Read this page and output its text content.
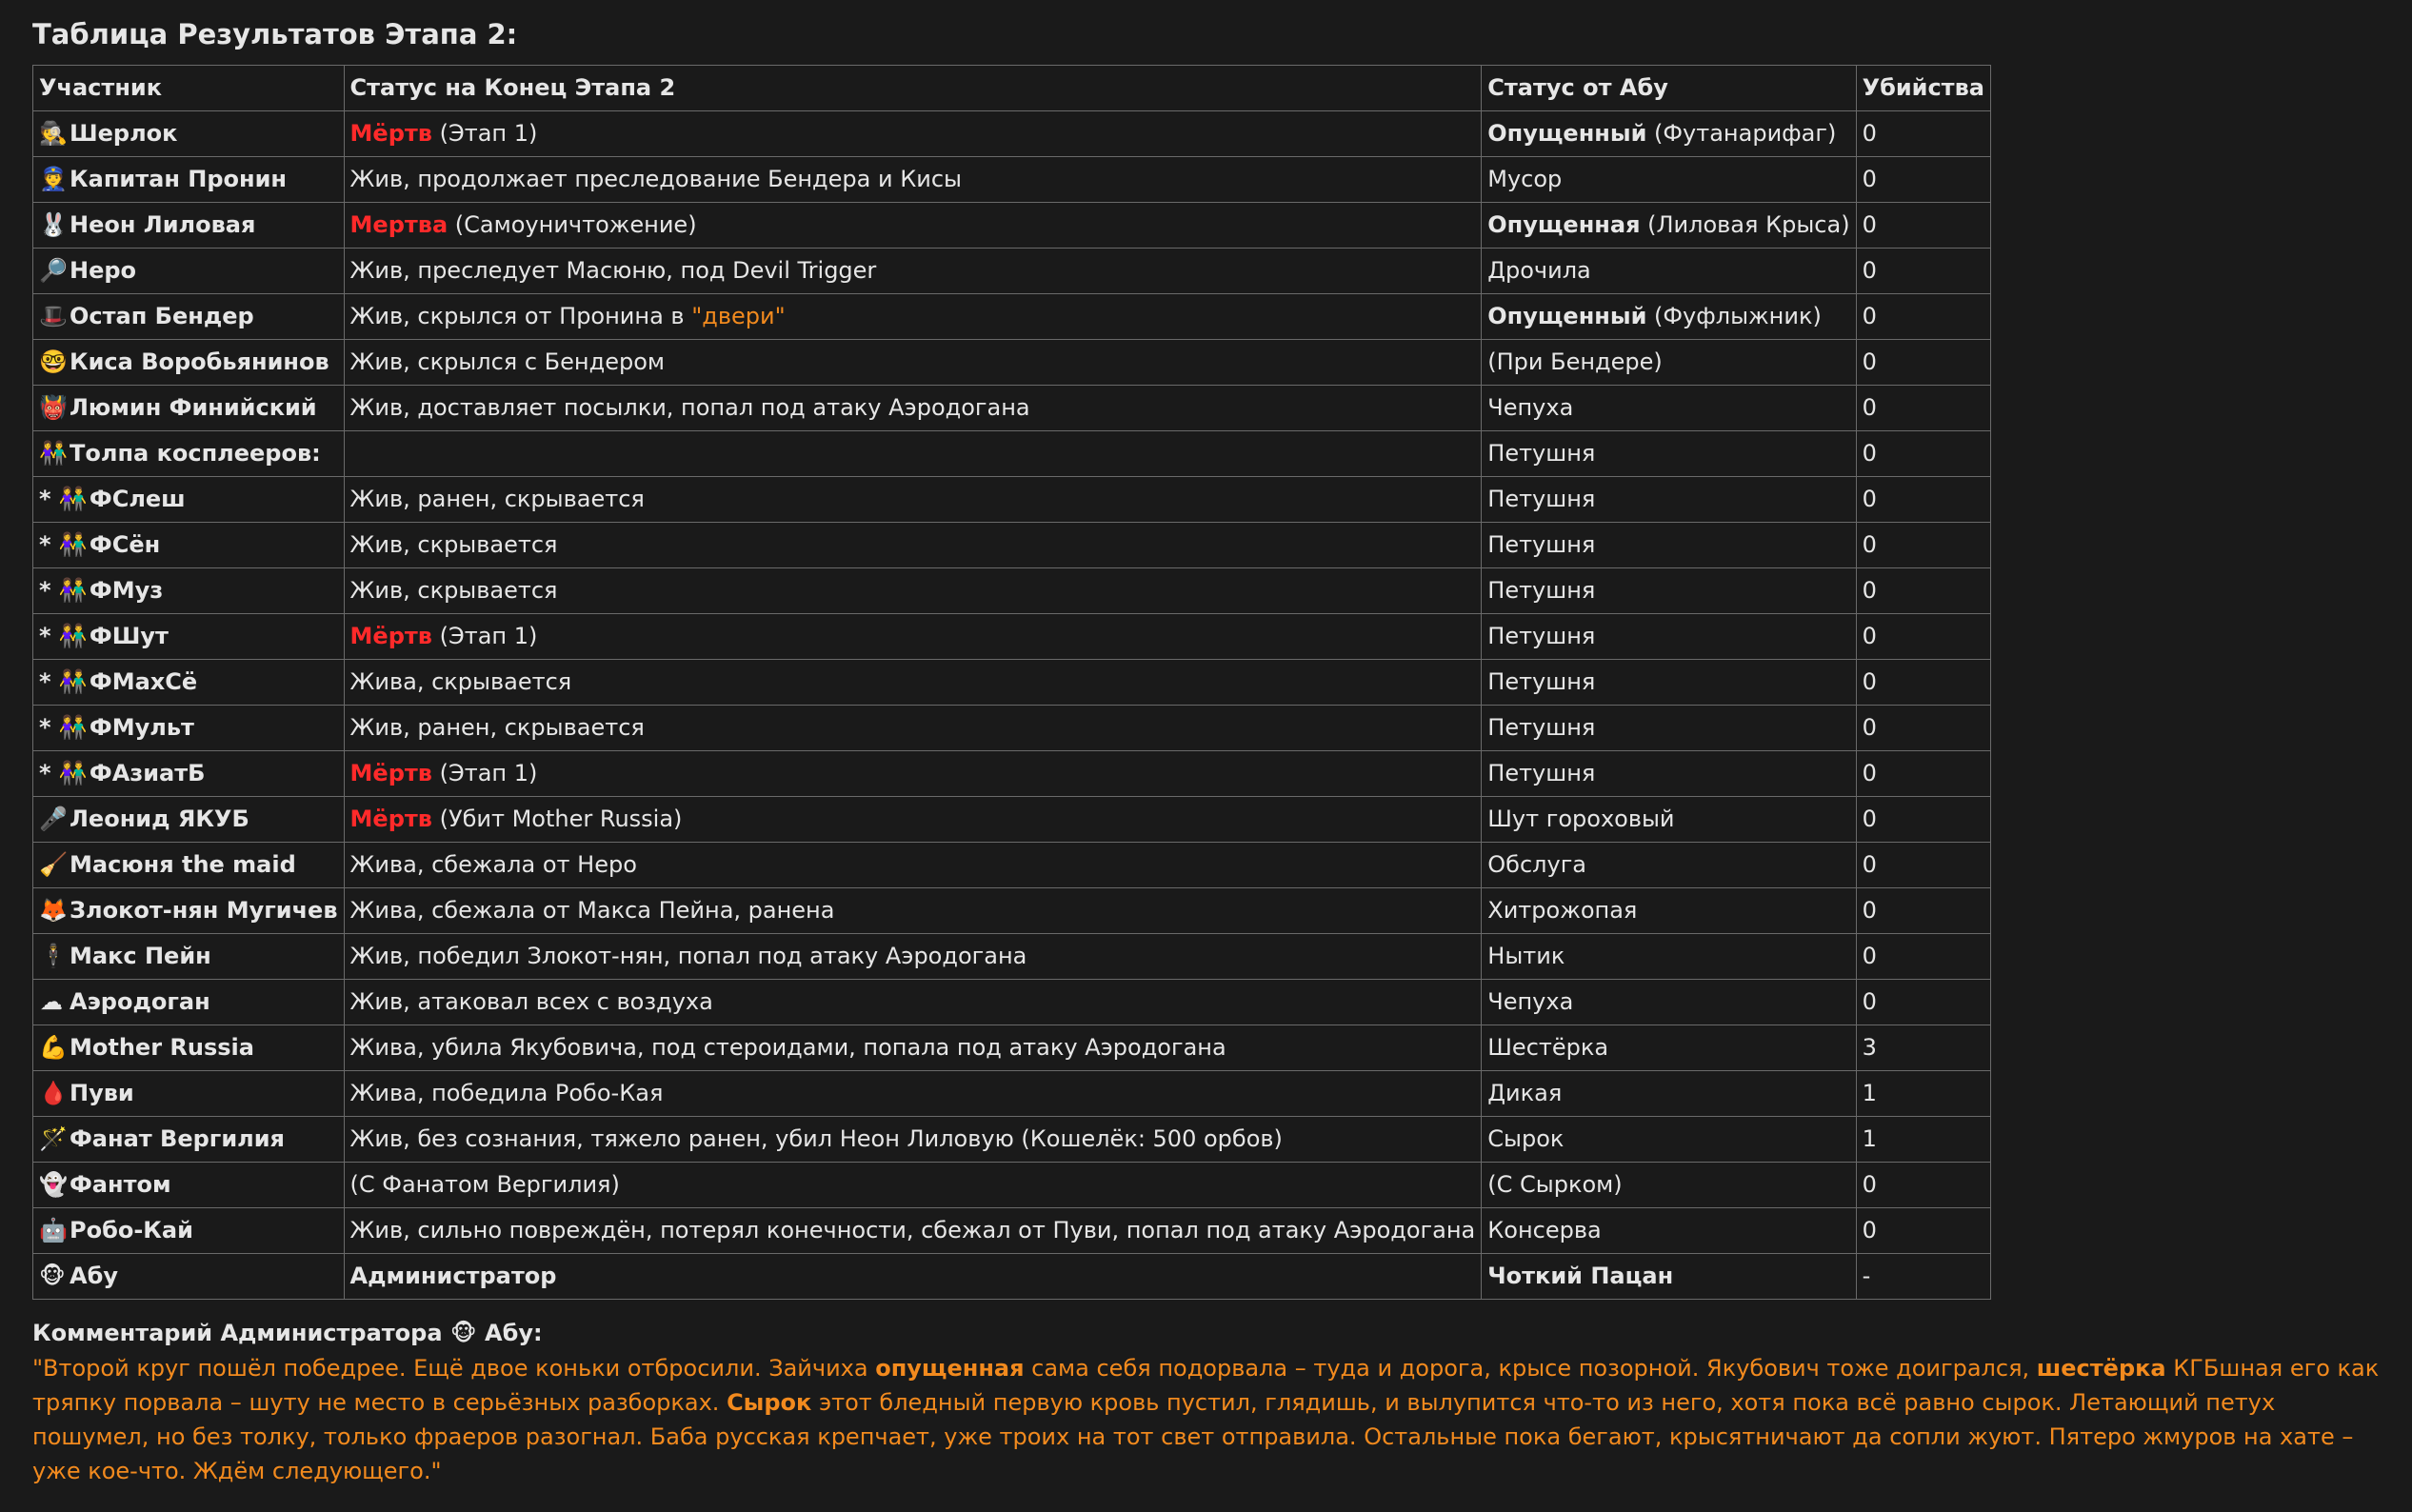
Таблица Результатов Этапа 2:
Участник	Статус на Конец Этапа 2	Статус от Абу	Убийства
🕵Шерлок	Мёртв (Этап 1)	Опущенный (Футанарифаг)	0
👮Капитан Пронин	Жив, продолжает преследование Бендера и Кисы	Мусор	0
🐰Неон Лиловая	Мертва (Самоуничтожение)	Опущенная (Лиловая Крыса)	0
🔎Неро	Жив, преследует Масюню, под Devil Trigger	Дрочила	0
🎩Остап Бендер	Жив, скрылся от Пронина в "двери"	Опущенный (Фуфлыжник)	0
🤓Киса Воробьянинов	Жив, скрылся с Бендером	(При Бендере)	0
👹Люмин Финийский	Жив, доставляет посылки, попал под атаку Аэродогана	Чепуха	0
👫Толпа косплееров:		Петушня	0
* 👫ФСлеш	Жив, ранен, скрывается	Петушня	0
* 👫ФСён	Жив, скрывается	Петушня	0
* 👫ФМуз	Жив, скрывается	Петушня	0
* 👫ФШут	Мёртв (Этап 1)	Петушня	0
* 👫ФМахСё	Жива, скрывается	Петушня	0
* 👫ФМульт	Жив, ранен, скрывается	Петушня	0
* 👫ФАзиатБ	Мёртв (Этап 1)	Петушня	0
🎤Леонид ЯКУБ	Мёртв (Убит Mother Russia)	Шут гороховый	0
🧹Масюня the maid	Жива, сбежала от Неро	Обслуга	0
🦊Злокот-нян Мугичев	Жива, сбежала от Макса Пейна, ранена	Хитрожопая	0
🕴Макс Пейн	Жив, победил Злокот-нян, попал под атаку Аэродогана	Нытик	0
☁ Аэродоган	Жив, атаковал всех с воздуха	Чепуха	0
💪Mother Russia	Жива, убила Якубовича, под стероидами, попала под атаку Аэродогана	Шестёрка	3
🩸Пуви	Жива, победила Робо-Кая	Дикая	1
🪄Фанат Вергилия	Жив, без сознания, тяжело ранен, убил Неон Лиловую (Кошелёк: 500 орбов)	Сырок	1
👻Фантом	(С Фанатом Вергилия)	(С Сырком)	0
🤖Робо-Кай	Жив, сильно повреждён, потерял конечности, сбежал от Пуви, попал под атаку Аэродогана	Консерва	0
🐵 Абу	Администратор	Чоткий Пацан	-
Комментарий Администратора 🐵 Абу:
"Второй круг пошёл победрее. Ещё двое коньки отбросили. Зайчиха опущенная сама себя подорвала – туда и дорога, крысе позорной. Якубович тоже доигрался, шестёрка КГБшная его как тряпку порвала – шуту не место в серьёзных разборках. Сырок этот бледный первую кровь пустил, глядишь, и вылупится что-то из него, хотя пока всё равно сырок. Летающий петух пошумел, но без толку, только фраеров разогнал. Баба русская крепчает, уже троих на тот свет отправила. Остальные пока бегают, крысятничают да сопли жуют. Пятеро жмуров на хате – уже кое-что. Ждём следующего."
